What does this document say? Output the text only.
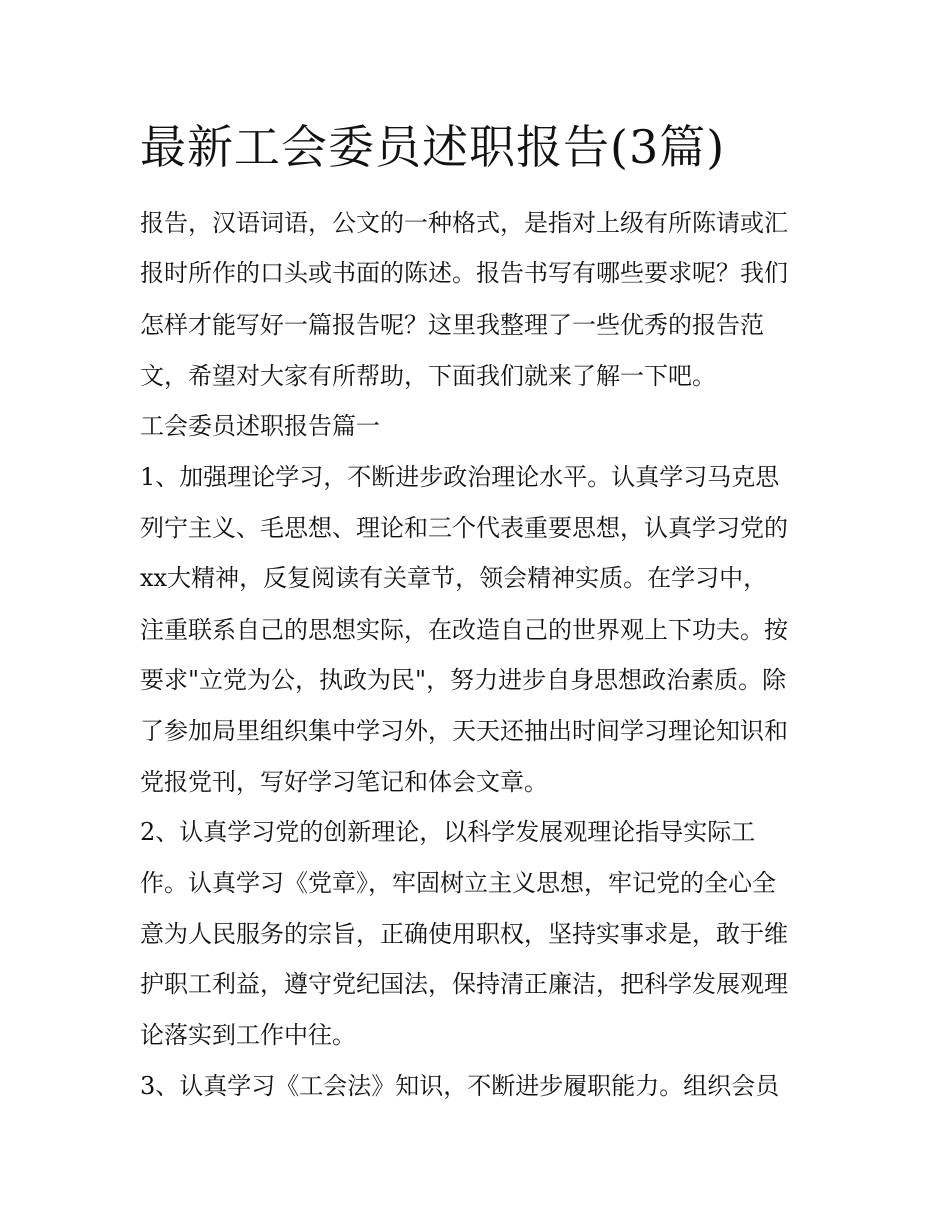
最新工会委员述职报告(3篇)

报告，汉语词语，公文的一种格式，是指对上级有所陈请或汇

报时所作的口头或书面的陈述。报告书写有哪些要求呢？我们

怎样才能写好一篇报告呢？这里我整理了一些优秀的报告范

文，希望对大家有所帮助，下面我们就来了解一下吧。

工会委员述职报告篇一

1、加强理论学习，不断进步政治理论水平。认真学习马克思

列宁主义、毛思想、理论和三个代表重要思想，认真学习党的

xx大精神，反复阅读有关章节，领会精神实质。在学习中，

注重联系自己的思想实际，在改造自己的世界观上下功夫。按

要求"立党为公，执政为民"，努力进步自身思想政治素质。除

了参加局里组织集中学习外，天天还抽出时间学习理论知识和

党报党刊，写好学习笔记和体会文章。

2、认真学习党的创新理论，以科学发展观理论指导实际工

作。认真学习《党章》，牢固树立主义思想，牢记党的全心全

意为人民服务的宗旨，正确使用职权，坚持实事求是，敢于维

护职工利益，遵守党纪国法，保持清正廉洁，把科学发展观理

论落实到工作中往。

3、认真学习《工会法》知识，不断进步履职能力。组织会员
